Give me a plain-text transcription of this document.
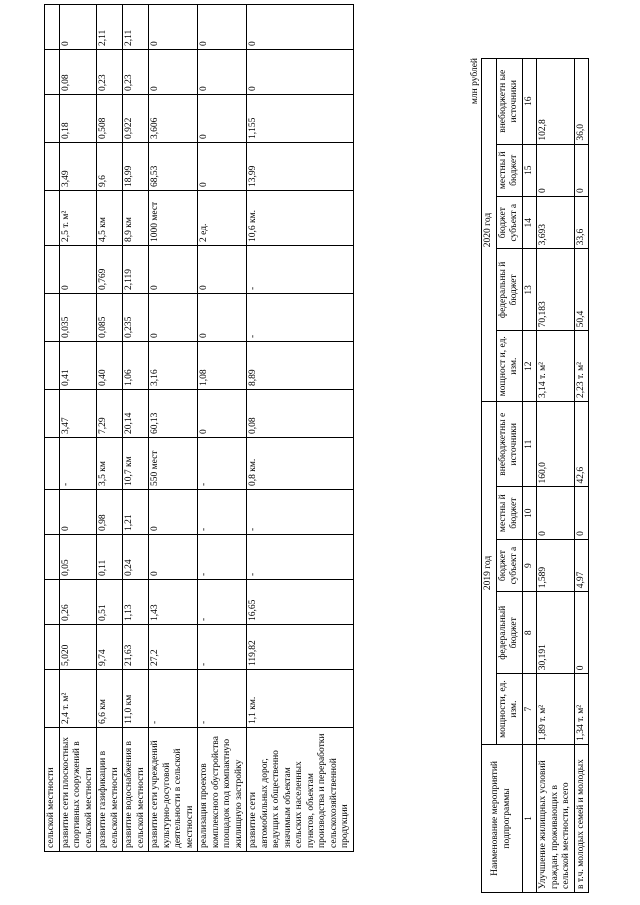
сельской местности															
развитие сети плоскостных спортивных сооружений в сельской местности	2,4 т. м²	5,020	0,26	0,05	0	-	3,47	0,41	0,035	0	2,5 т. м²	3,49	0,18	0,08	0
развитие газификации в сельской местности	6,6 км	9,74	0,51	0,11	0,98	3,5 км	7,29	0,40	0,085	0,769	4,5 км	9,6	0,508	0,23	2,11
развитие водоснабжения в сельской местности	11,0 км	21,63	1,13	0,24	1,21	10,7 км	20,14	1,06	0,235	2,119	8,9 км	18,99	0,922	0,23	2,11
развитие сети учреждений культурно-досуговой деятельности в сельской местности	-	27,2	1,43	0	0	550 мест	60,13	3,16	0	0	1000 мест	68,53	3,606	0	0
реализация проектов комплексного обустройства площадок под компактную жилищную застройку	-	-	-	-	-	-	0	1,08	0	0	2 ед.	0	0	0	0
развитие сети автомобильных дорог, ведущих к общественно значимым объектам сельских населенных пунктов, объектам производства и переработки сельскохозяйственной продукции	1,1 км.	119,82	16,65	-	-	0,8 км.	0,08	8,89	-	-	10,6 км.	13,99	1,155	0	0
млн рублей
Наименование мероприятий подпрограммы	2019 год					2020 год				
	мощности, ед. изм.	федеральный бюджет	бюджет субъект а	местны й бюджет	внебюджетны е источники	мощност и, ед. изм.	федеральны й бюджет	бюджет субъект а	местны й бюджет	внебюджетн ые источники
1	7	8	9	10	11	12	13	14	15	16
Улучшение жилищных условий граждан, проживающих в сельской местности, всего	1,89 т. м²	30,191	1,589	0	160,0	3,14 т. м²	70,183	3,693	0	102,8
в т.ч. молодых семей и молодых	1,34 т. м²	0	4,97	0	42,6	2,23 т. м²	50,4	33,6	0	36,0
